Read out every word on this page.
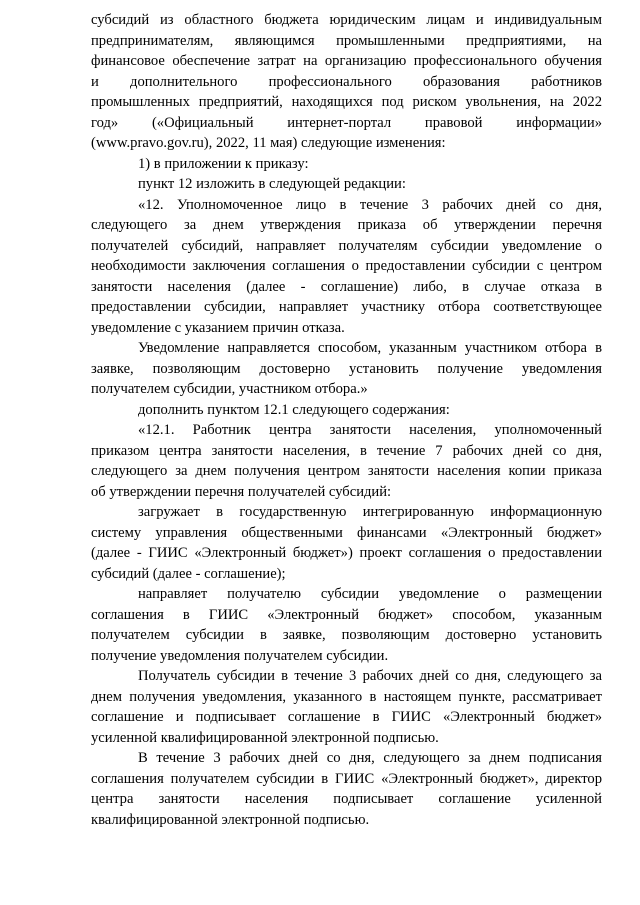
субсидий из областного бюджета юридическим лицам и индивидуальным
предпринимателям, являющимся промышленными предприятиями, на
финансовое обеспечение затрат на организацию профессионального обучения
и дополнительного профессионального образования работников
промышленных предприятий, находящихся под риском увольнения, на 2022
год» («Официальный интернет-портал правовой информации»
(www.pravo.gov.ru), 2022, 11 мая) следующие изменения:
1) в приложении к приказу:
пункт 12 изложить в следующей редакции:
«12. Уполномоченное лицо в течение 3 рабочих дней со дня,
следующего за днем утверждения приказа об утверждении перечня
получателей субсидий, направляет получателям субсидии уведомление о
необходимости заключения соглашения о предоставлении субсидии с центром
занятости населения (далее - соглашение) либо, в случае отказа в
предоставлении субсидии, направляет участнику отбора соответствующее
уведомление с указанием причин отказа.
Уведомление направляется способом, указанным участником отбора в
заявке, позволяющим достоверно установить получение уведомления
получателем субсидии, участником отбора.»
дополнить пунктом 12.1 следующего содержания:
«12.1. Работник центра занятости населения, уполномоченный
приказом центра занятости населения, в течение 7 рабочих дней со дня,
следующего за днем получения центром занятости населения копии приказа
об утверждении перечня получателей субсидий:
загружает в государственную интегрированную информационную
систему управления общественными финансами «Электронный бюджет»
(далее - ГИИС «Электронный бюджет») проект соглашения о предоставлении
субсидий (далее - соглашение);
направляет получателю субсидии уведомление о размещении
соглашения в ГИИС «Электронный бюджет» способом, указанным
получателем субсидии в заявке, позволяющим достоверно установить
получение уведомления получателем субсидии.
Получатель субсидии в течение 3 рабочих дней со дня, следующего за
днем получения уведомления, указанного в настоящем пункте, рассматривает
соглашение и подписывает соглашение в ГИИС «Электронный бюджет»
усиленной квалифицированной электронной подписью.
В течение 3 рабочих дней со дня, следующего за днем подписания
соглашения получателем субсидии в ГИИС «Электронный бюджет», директор
центра занятости населения подписывает соглашение усиленной
квалифицированной электронной подписью.
